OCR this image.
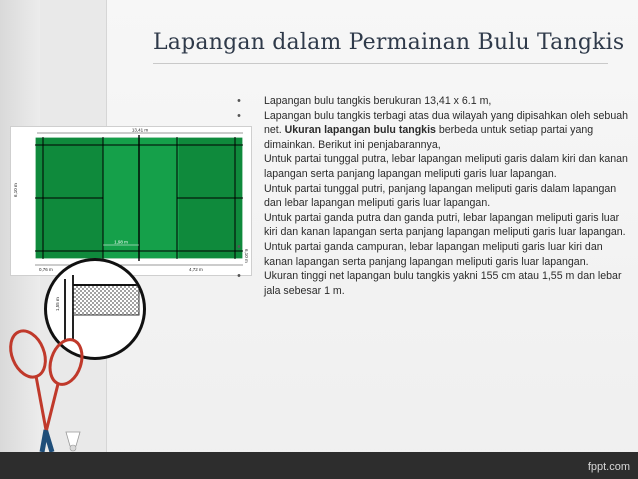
Lapangan dalam Permainan Bulu Tangkis
13,41 m
6,10 m
6,10 m
1,98 m
0,76 m	4,72 m
1,55 m
•	Lapangan bulu tangkis berukuran 13,41 x 6.1 m,
•	Lapangan bulu tangkis terbagi atas dua wilayah yang dipisahkan oleh sebuah net. Ukuran lapangan bulu tangkis berbeda untuk setiap partai yang dimainkan. Berikut ini penjabarannya,
Untuk partai tunggal putra, lebar lapangan meliputi garis dalam kiri dan kanan lapangan serta panjang lapangan meliputi garis luar lapangan.
Untuk partai tunggal putri, panjang lapangan meliputi garis dalam lapangan dan lebar lapangan meliputi garis luar lapangan.
Untuk partai ganda putra dan ganda putri, lebar lapangan meliputi garis luar kiri dan kanan lapangan serta panjang lapangan meliputi garis luar lapangan.
•	Untuk partai ganda campuran, lebar lapangan meliputi garis luar kiri dan kanan lapangan serta panjang lapangan meliputi garis luar lapangan.
•	Ukuran tinggi net lapangan bulu tangkis yakni 155 cm atau 1,55 m dan lebar jala sebesar 1 m.
fppt.com
